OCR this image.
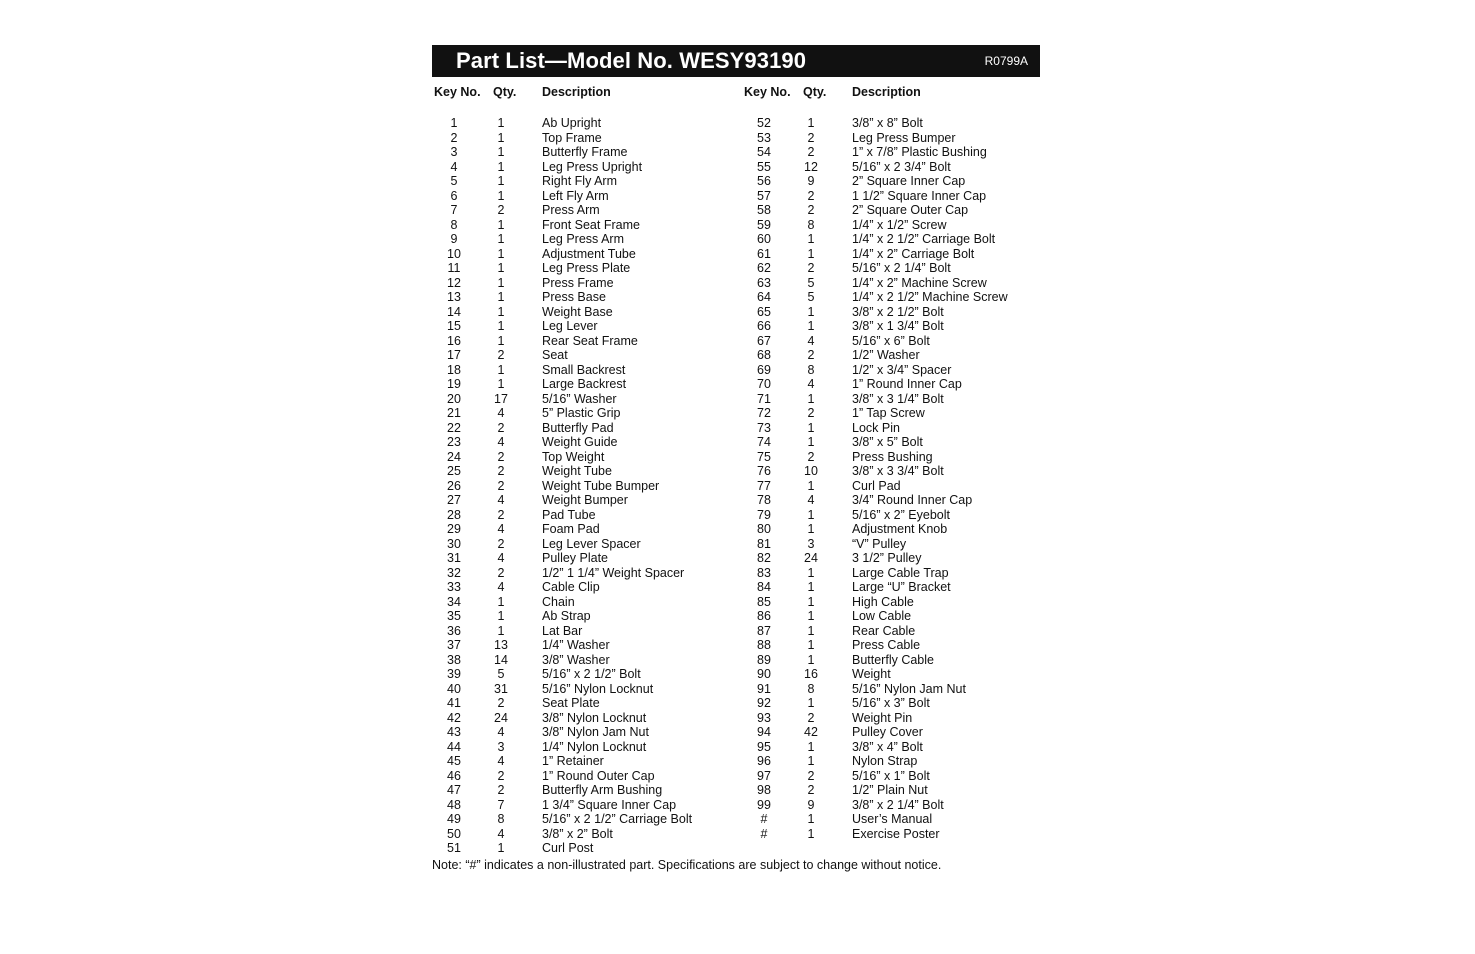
Part List—Model No. WESY93190	R0799A
Key No. Qty. Description
1	1	Ab Upright
2	1	Top Frame
3	1	Butterfly Frame
4	1	Leg Press Upright
5	1	Right Fly Arm
6	1	Left Fly Arm
7	2	Press Arm
8	1	Front Seat Frame
9	1	Leg Press Arm
10	1	Adjustment Tube
11	1	Leg Press Plate
12	1	Press Frame
13	1	Press Base
14	1	Weight Base
15	1	Leg Lever
16	1	Rear Seat Frame
17	2	Seat
18	1	Small Backrest
19	1	Large Backrest
20	17	5/16” Washer
21	4	5” Plastic Grip
22	2	Butterfly Pad
23	4	Weight Guide
24	2	Top Weight
25	2	Weight Tube
26	2	Weight Tube Bumper
27	4	Weight Bumper
28	2	Pad Tube
29	4	Foam Pad
30	2	Leg Lever Spacer
31	4	Pulley Plate
32	2	1/2” 1 1/4” Weight Spacer
33	4	Cable Clip
34	1	Chain
35	1	Ab Strap
36	1	Lat Bar
37	13	1/4” Washer
38	14	3/8” Washer
39	5	5/16” x 2 1/2” Bolt
40	31	5/16” Nylon Locknut
41	2	Seat Plate
42	24	3/8” Nylon Locknut
43	4	3/8” Nylon Jam Nut
44	3	1/4” Nylon Locknut
45	4	1” Retainer
46	2	1” Round Outer Cap
47	2	Butterfly Arm Bushing
48	7	1 3/4” Square Inner Cap
49	8	5/16” x 2 1/2” Carriage Bolt
50	4	3/8” x 2” Bolt
51	1	Curl Post
Key No. Qty. Description
52	1	3/8” x 8” Bolt
53	2	Leg Press Bumper
54	2	1” x 7/8” Plastic Bushing
55	12	5/16” x 2 3/4” Bolt
56	9	2” Square Inner Cap
57	2	1 1/2” Square Inner Cap
58	2	2” Square Outer Cap
59	8	1/4” x 1/2” Screw
60	1	1/4” x 2 1/2” Carriage Bolt
61	1	1/4” x 2” Carriage Bolt
62	2	5/16” x 2 1/4” Bolt
63	5	1/4” x 2” Machine Screw
64	5	1/4” x 2 1/2” Machine Screw
65	1	3/8” x 2 1/2” Bolt
66	1	3/8” x 1 3/4” Bolt
67	4	5/16” x 6” Bolt
68	2	1/2” Washer
69	8	1/2” x 3/4” Spacer
70	4	1” Round Inner Cap
71	1	3/8” x 3 1/4” Bolt
72	2	1” Tap Screw
73	1	Lock Pin
74	1	3/8” x 5” Bolt
75	2	Press Bushing
76	10	3/8” x 3 3/4” Bolt
77	1	Curl Pad
78	4	3/4” Round Inner Cap
79	1	5/16” x 2” Eyebolt
80	1	Adjustment Knob
81	3	“V” Pulley
82	24	3 1/2” Pulley
83	1	Large Cable Trap
84	1	Large “U” Bracket
85	1	High Cable
86	1	Low Cable
87	1	Rear Cable
88	1	Press Cable
89	1	Butterfly Cable
90	16	Weight
91	8	5/16” Nylon Jam Nut
92	1	5/16” x 3” Bolt
93	2	Weight Pin
94	42	Pulley Cover
95	1	3/8” x 4” Bolt
96	1	Nylon Strap
97	2	5/16” x 1” Bolt
98	2	1/2” Plain Nut
99	9	3/8” x 2 1/4” Bolt
#	1	User’s Manual
#	1	Exercise Poster
Note: “#” indicates a non-illustrated part. Specifications are subject to change without notice.
